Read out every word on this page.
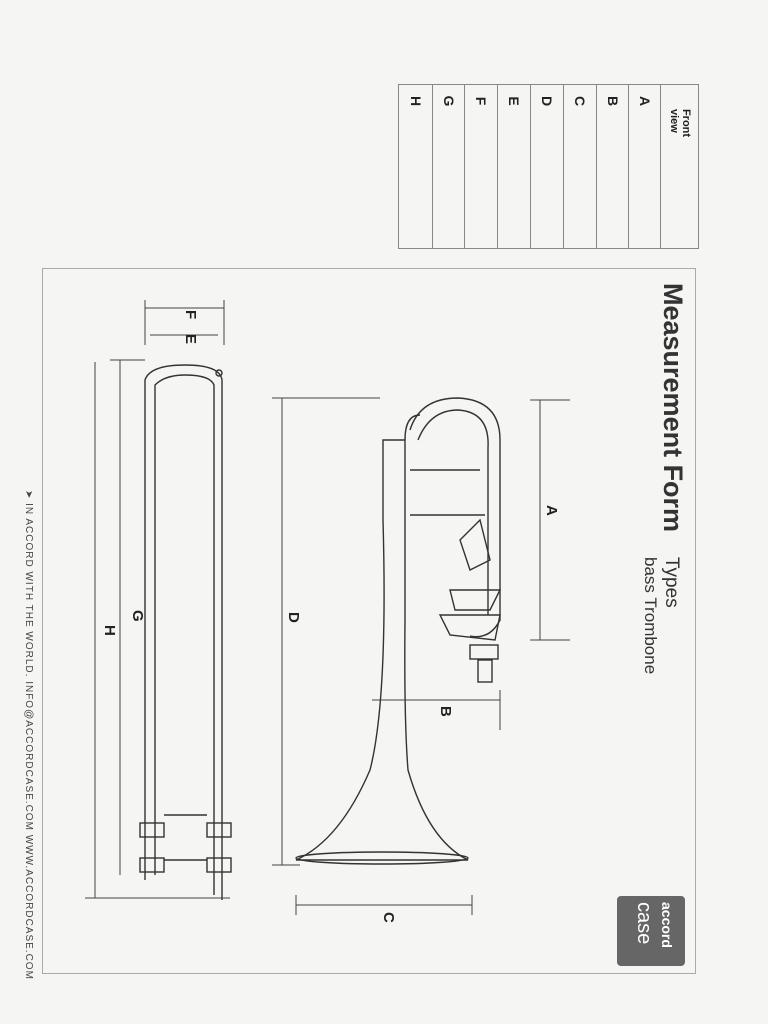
Front view
A
B
C
D
E
F
G
H
Measurement Form
Types
bass Trombone
accord
case
➤ IN ACCORD WITH THE WORLD. INFO@ACCORDCASE.COM WWW.ACCORDCASE.COM	A
B
C
D
E
F
G
H
